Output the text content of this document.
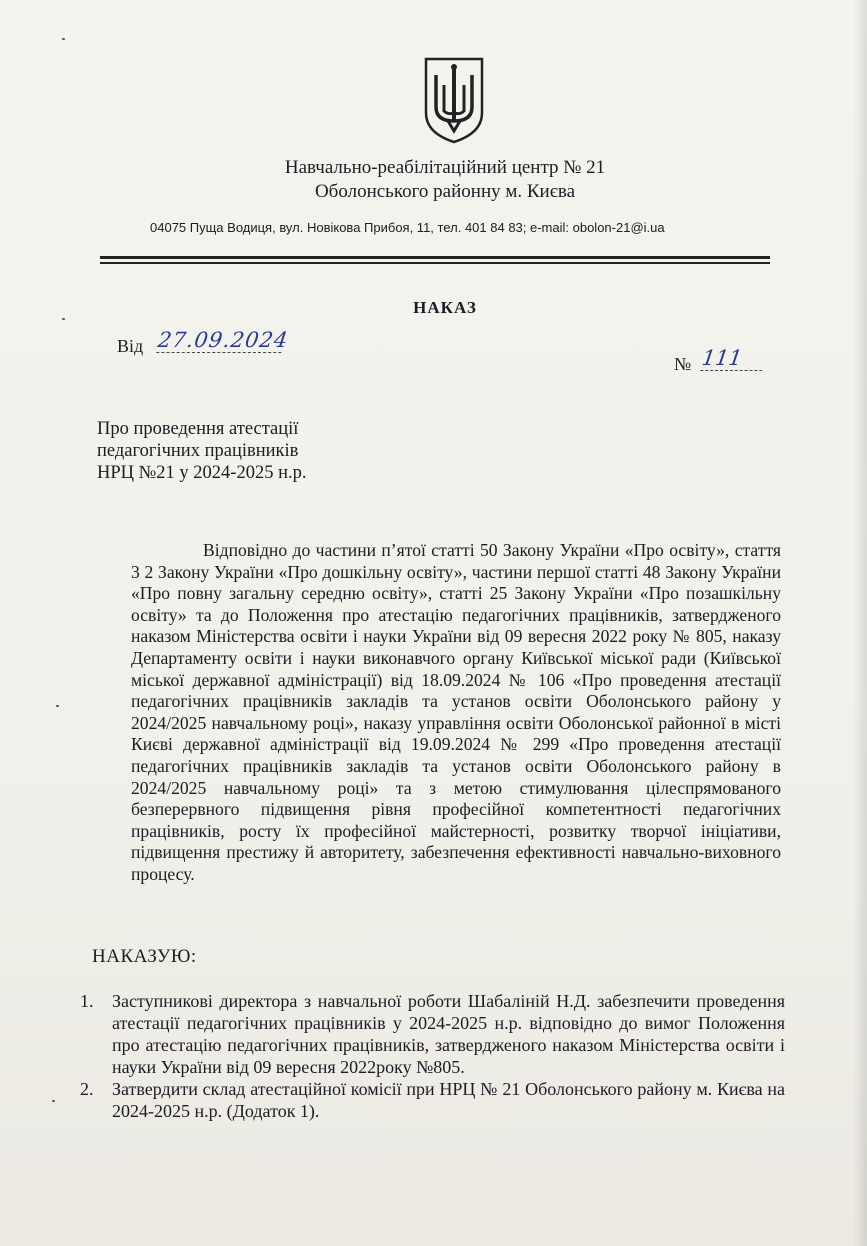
Навчально-реабілітаційний центр № 21
Оболонського районну м. Києва
04075 Пуща Водиця, вул. Новікова Прибоя, 11, тел. 401 84 83; e-mail: obolon-21@i.ua
НАКАЗ
Від 27.09.2024
№ 111
Про проведення атестації
педагогічних працівників
НРЦ №21 у 2024-2025 н.р.
Відповідно до частини п’ятої статті 50 Закону України «Про освіту», стаття 3 2 Закону України «Про дошкільну освіту», частини першої статті 48 Закону України «Про повну загальну середню освіту», статті 25 Закону України «Про позашкільну освіту» та до Положення про атестацію педагогічних працівників, затвердженого наказом Міністерства освіти і науки України від 09 вересня 2022 року № 805, наказу Департаменту освіти і науки виконавчого органу Київської міської ради (Київської міської державної адміністрації) від 18.09.2024 № 106 «Про проведення атестації педагогічних працівників закладів та установ освіти Оболонського району у 2024/2025 навчальному році», наказу управління освіти Оболонської районної в місті Києві державної адміністрації від 19.09.2024 № 299 «Про проведення атестації педагогічних працівників закладів та установ освіти Оболонського району в 2024/2025 навчальному році» та з метою стимулювання цілеспрямованого безперервного підвищення рівня професійної компетентності педагогічних працівників, росту їх професійної майстерності, розвитку творчої ініціативи, підвищення престижу й авторитету, забезпечення ефективності навчально-виховного процесу.
НАКАЗУЮ:
1. Заступникові директора з навчальної роботи Шабаліній Н.Д. забезпечити проведення атестації педагогічних працівників у 2024-2025 н.р. відповідно до вимог Положення про атестацію педагогічних працівників, затвердженого наказом Міністерства освіти і науки України від 09 вересня 2022року №805.
2. Затвердити склад атестаційної комісії при НРЦ № 21 Оболонського району м. Києва на 2024-2025 н.р. (Додаток 1).
